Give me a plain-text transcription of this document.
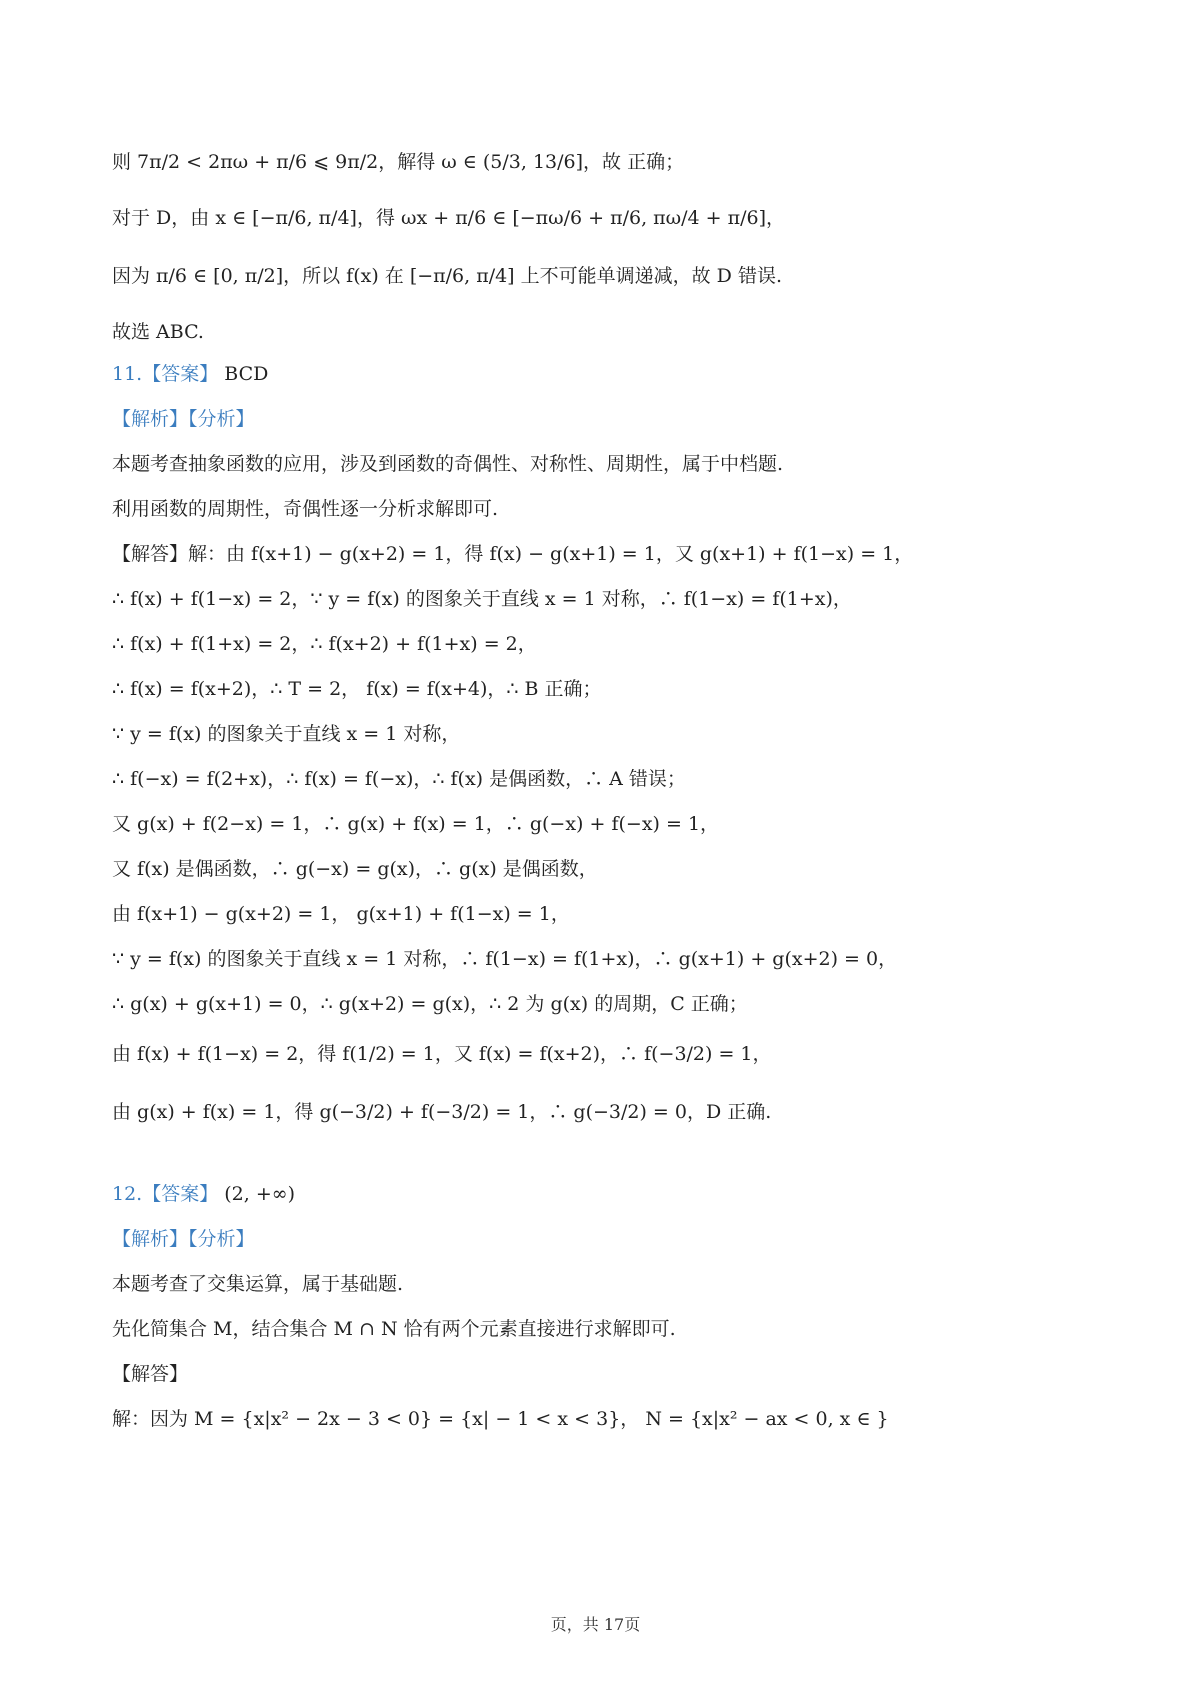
则 7π/2 < 2πω + π/6 ⩽ 9π/2，解得 ω ∈ (5/3, 13/6]，故 正确；
对于 D，由 x ∈ [−π/6, π/4]，得 ωx + π/6 ∈ [−πω/6 + π/6, πω/4 + π/6]，
因为 π/6 ∈ [0, π/2]，所以 f(x) 在 [−π/6, π/4] 上不可能单调递减，故 D 错误.
故选 ABC.
11.【答案】 BCD
【解析】【分析】
本题考查抽象函数的应用，涉及到函数的奇偶性、对称性、周期性，属于中档题.
利用函数的周期性，奇偶性逐一分析求解即可.
【解答】解：由 f(x+1) − g(x+2) = 1，得 f(x) − g(x+1) = 1，又 g(x+1) + f(1−x) = 1，
∴ f(x) + f(1−x) = 2，∵ y = f(x) 的图象关于直线 x = 1 对称，∴ f(1−x) = f(1+x)，
∴ f(x) + f(1+x) = 2，∴ f(x+2) + f(1+x) = 2，
∴ f(x) = f(x+2)，∴ T = 2， f(x) = f(x+4)，∴ B 正确；
∵ y = f(x) 的图象关于直线 x = 1 对称，
∴ f(−x) = f(2+x)，∴ f(x) = f(−x)，∴ f(x) 是偶函数，∴ A 错误；
又 g(x) + f(2−x) = 1，∴ g(x) + f(x) = 1，∴ g(−x) + f(−x) = 1，
又 f(x) 是偶函数，∴ g(−x) = g(x)，∴ g(x) 是偶函数，
由 f(x+1) − g(x+2) = 1， g(x+1) + f(1−x) = 1，
∵ y = f(x) 的图象关于直线 x = 1 对称，∴ f(1−x) = f(1+x)，∴ g(x+1) + g(x+2) = 0，
∴ g(x) + g(x+1) = 0，∴ g(x+2) = g(x)，∴ 2 为 g(x) 的周期，C 正确；
由 f(x) + f(1−x) = 2，得 f(1/2) = 1，又 f(x) = f(x+2)，∴ f(−3/2) = 1，
由 g(x) + f(x) = 1，得 g(−3/2) + f(−3/2) = 1，∴ g(−3/2) = 0，D 正确.
12.【答案】 (2, +∞)
【解析】【分析】
本题考查了交集运算，属于基础题.
先化简集合 M，结合集合 M ∩ N 恰有两个元素直接进行求解即可.
【解答】
解：因为 M = {x|x² − 2x − 3 < 0} = {x| − 1 < x < 3}， N = {x|x² − ax < 0, x ∈ }
页，共 17页
